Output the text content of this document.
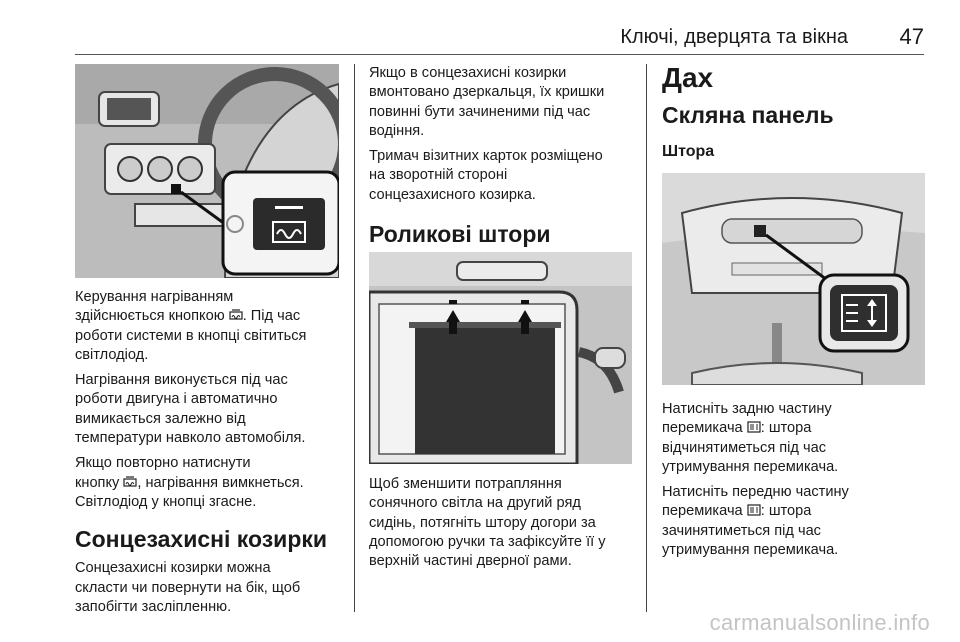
Ключі, дверцята та вікна 47

Керування нагріванням
здійснюється кнопкою
. Під час
роботи системи в кнопці світиться
світлодіод.

Нагрівання виконується під час
роботи двигуна і автоматично
вимикається залежно від
температури навколо автомобіля.

Якщо повторно натиснути
кнопку
, нагрівання вимкнеться.
Світлодіод у кнопці згасне.

Сонцезахисні козирки

Сонцезахисні козирки можна
скласти чи повернути на бік, щоб
запобігти засліпленню.

Якщо в сонцезахисні козирки
вмонтовано дзеркальця, їх кришки
повинні бути зачиненими під час
водіння.

Тримач візитних карток розміщено
на зворотній стороні
сонцезахисного козирка.

Роликові штори

Щоб зменшити потрапляння
сонячного світла на другий ряд
сидінь, потягніть штору догори за
допомогою ручки та зафіксуйте її у
верхній частині дверної рами.

Дах
Скляна панель
Штора

Натисніть задню частину
перемикача
: штора
відчинятиметься під час
утримування перемикача.

Натисніть передню частину
перемикача
: штора
зачинятиметься під час
утримування перемикача.

carmanualsonline.info
